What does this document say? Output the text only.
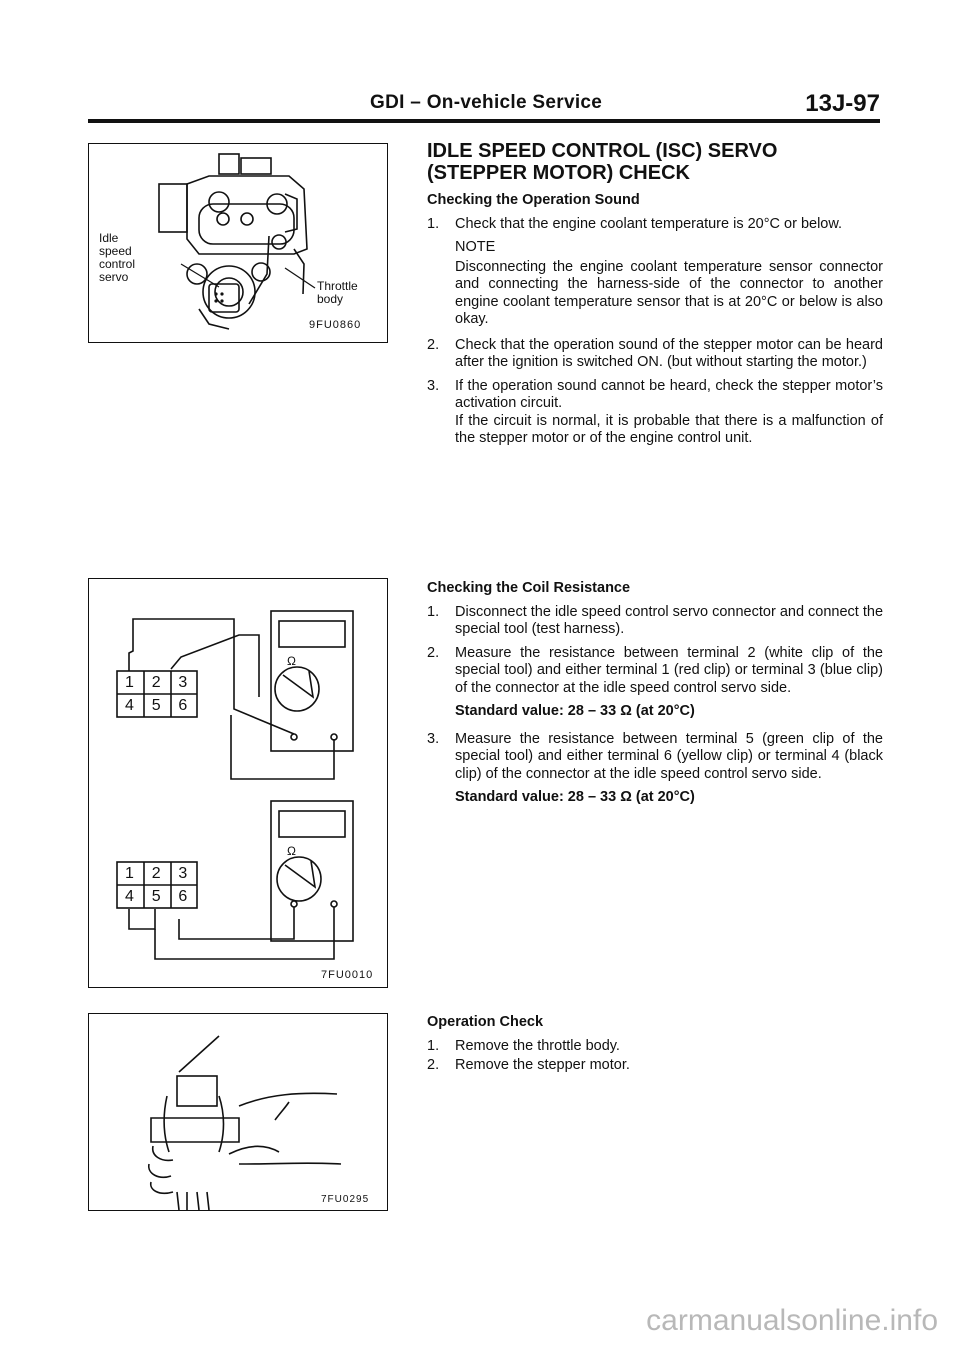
GDI – On-vehicle Service	13J-97
Idle
speed
control
servo
Throttle
body
9FU0860
1 2 3
4 5 6
1 2 3
4 5 6
Ω
Ω
7FU0010
7FU0295
IDLE SPEED CONTROL (ISC) SERVO
(STEPPER MOTOR) CHECK
Checking the Operation Sound
1. Check that the engine coolant temperature is 20°C or below.
NOTE
Disconnecting the engine coolant temperature sensor connector and connecting the harness-side of the connector to another engine coolant temperature sensor that is at 20°C or below is also okay.
2. Check that the operation sound of the stepper motor can be heard after the ignition is switched ON. (but without starting the motor.)
3. If the operation sound cannot be heard, check the stepper motor’s activation circuit.
If the circuit is normal, it is probable that there is a malfunction of the stepper motor or of the engine control unit.
Checking the Coil Resistance
1. Disconnect the idle speed control servo connector and connect the special tool (test harness).
2. Measure the resistance between terminal 2 (white clip of the special tool) and either terminal 1 (red clip) or terminal 3 (blue clip) of the connector at the idle speed control servo side.
Standard value: 28 – 33 Ω (at 20°C)
3. Measure the resistance between terminal 5 (green clip of the special tool) and either terminal 6 (yellow clip) or terminal 4 (black clip) of the connector at the idle speed control servo side.
Standard value: 28 – 33 Ω (at 20°C)
Operation Check
1. Remove the throttle body.
2. Remove the stepper motor.
carmanualsonline.info
